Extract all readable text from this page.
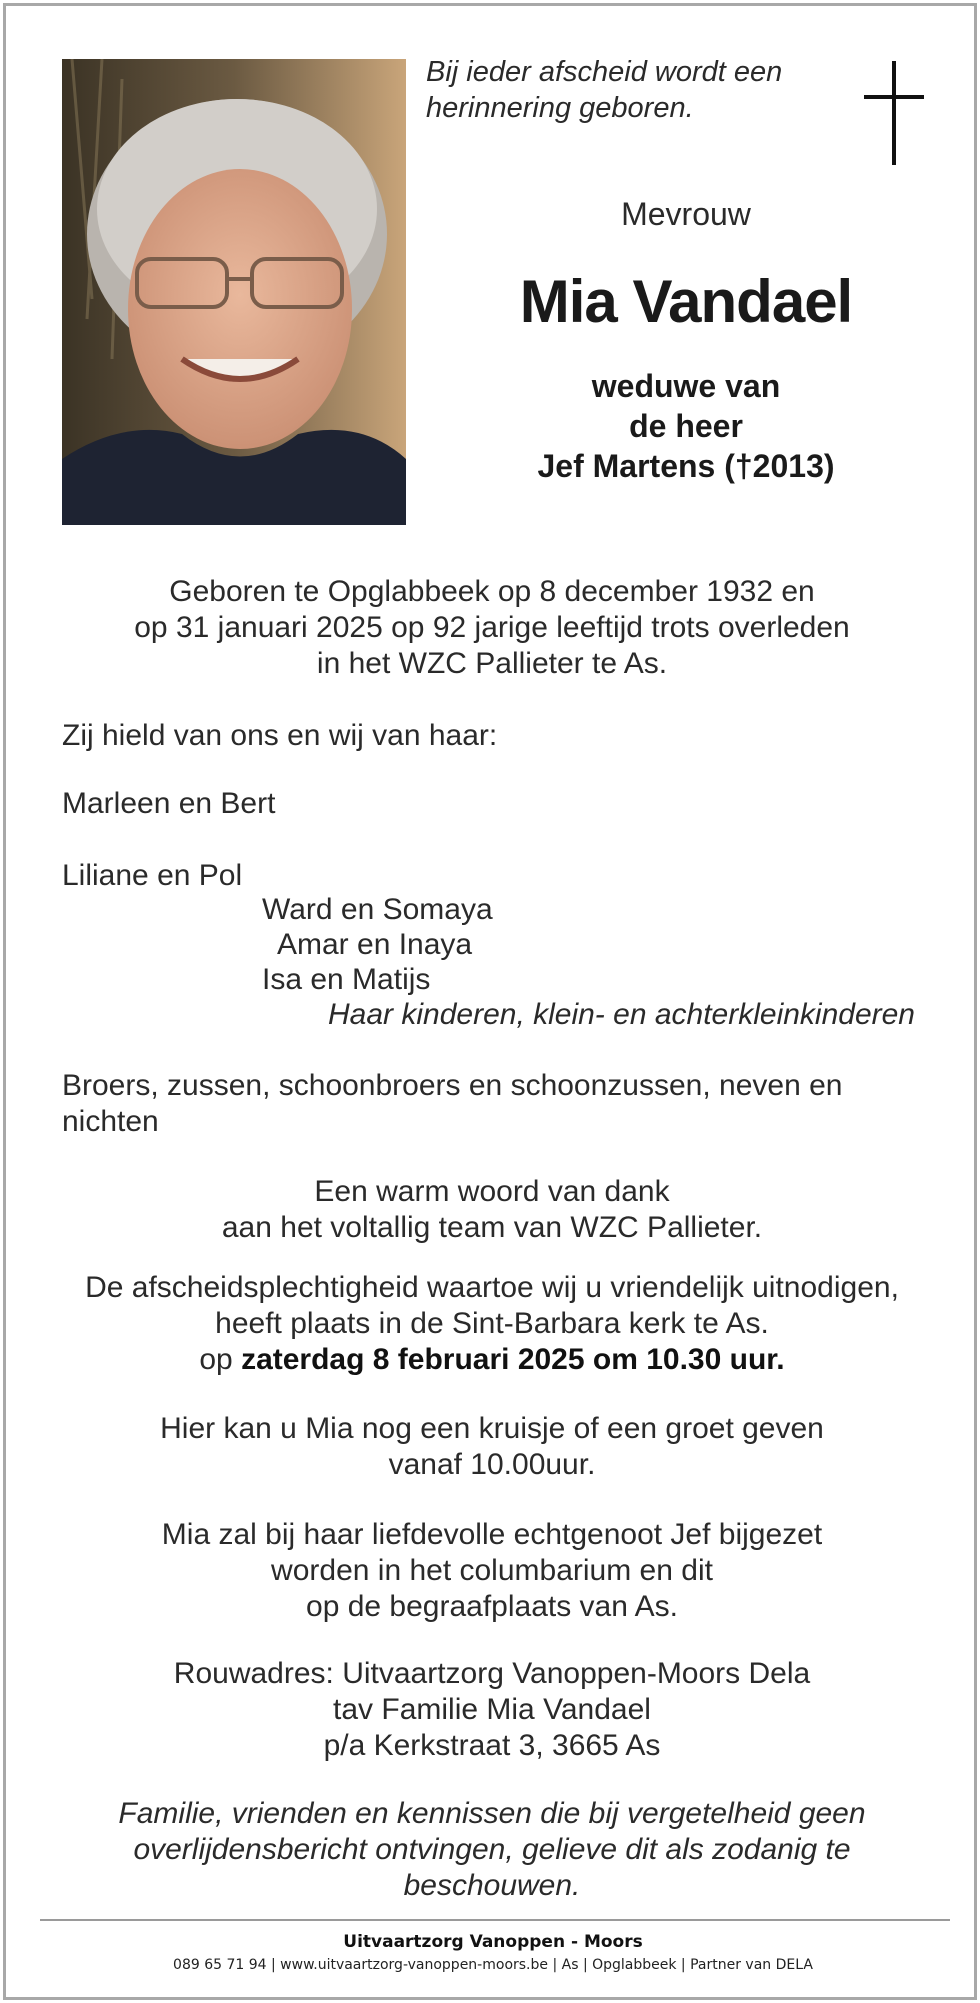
Bij ieder afscheid wordt een
herinnering geboren.
Mevrouw
Mia Vandael
weduwe van
de heer
Jef Martens (†2013)
Geboren te Opglabbeek op 8 december 1932 en
op 31 januari 2025 op 92 jarige leeftijd trots overleden
in het WZC Pallieter te As.
Zij hield van ons en wij van haar:
Marleen en Bert
Liliane en Pol
Ward en Somaya
Amar en Inaya
Isa en Matijs
Haar kinderen, klein- en achterkleinkinderen
Broers, zussen, schoonbroers en schoonzussen, neven en
nichten
Een warm woord van dank
aan het voltallig team van WZC Pallieter.
De afscheidsplechtigheid waartoe wij u vriendelijk uitnodigen,
heeft plaats in de Sint-Barbara kerk te As.
op zaterdag 8 februari 2025 om 10.30 uur.
Hier kan u Mia nog een kruisje of een groet geven
vanaf 10.00uur.
Mia zal bij haar liefdevolle echtgenoot Jef bijgezet
worden in het columbarium en dit
op de begraafplaats van As.
Rouwadres: Uitvaartzorg Vanoppen-Moors Dela
tav Familie Mia Vandael
p/a Kerkstraat 3, 3665 As
Familie, vrienden en kennissen die bij vergetelheid geen
overlijdensbericht ontvingen, gelieve dit als zodanig te
beschouwen.
Uitvaartzorg Vanoppen - Moors
089 65 71 94 | www.uitvaartzorg-vanoppen-moors.be | As | Opglabbeek | Partner van DELA
